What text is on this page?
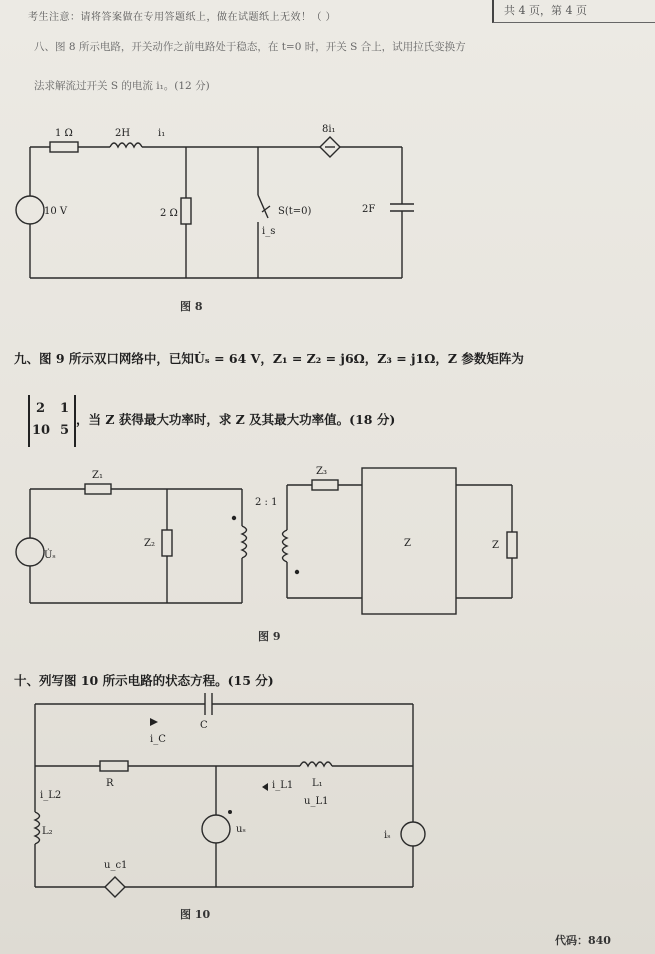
考生注意：请将答案做在专用答题纸上，做在试题纸上无效！（ ）
共 4 页，第 4 页
八、图 8 所示电路，开关动作之前电路处于稳态，在 t=0 时，开关 S 合上，试用拉氏变换方
法求解流过开关 S 的电流 i₁。(12 分)
1 Ω	2H	i₁
10 V	2 Ω	S(t=0)
i_s
2F
8i₁
Z₁
Z₂
Z₃
U̇ₛ
2 : 1
Z	Z
i_C
C
R
i_L2
L₂
i_L1 L₁
u_L1
uₛ
iₛ
u_c1
图 8
九、图 9 所示双口网络中，已知U̇ₛ = 64 V，Z₁ = Z₂ = j6Ω，Z₃ = j1Ω，Z 参数矩阵为
2 1
10 5
，当 Z 获得最大功率时，求 Z 及其最大功率值。(18 分)
图 9
十、列写图 10 所示电路的状态方程。(15 分)
图 10
代码：840
